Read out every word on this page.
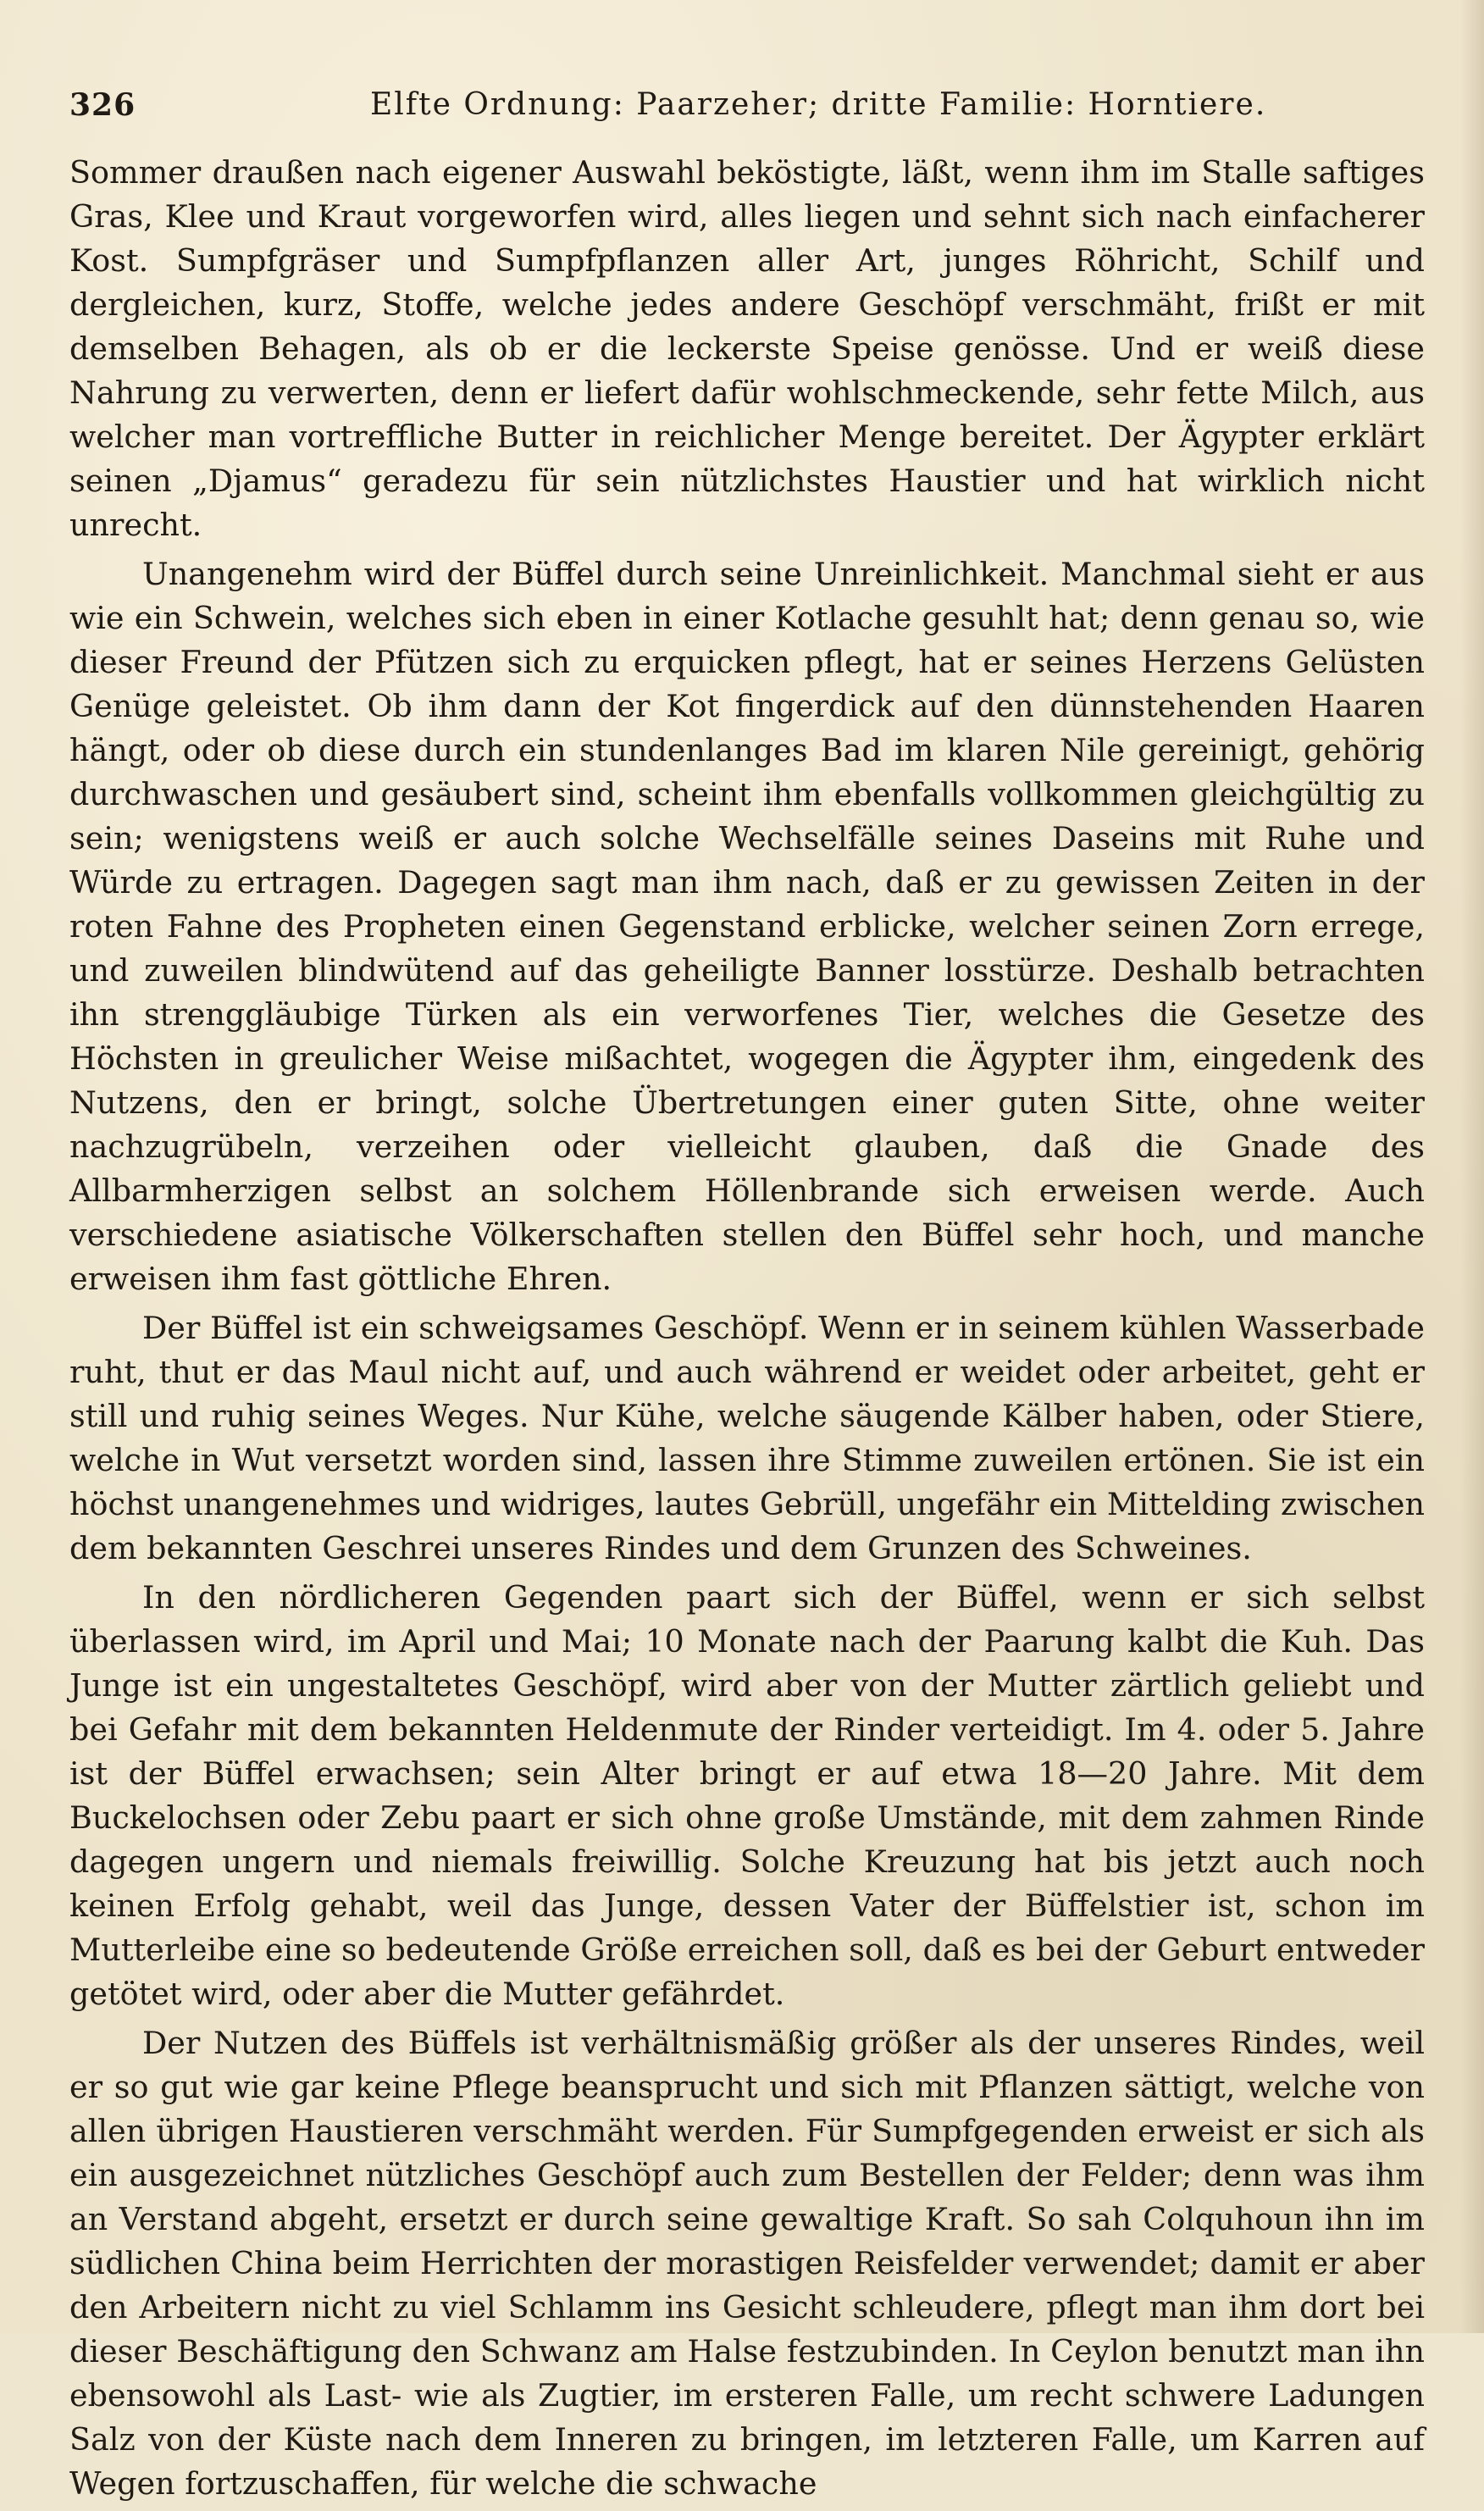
326	Elfte Ordnung: Paarzeher; dritte Familie: Horntiere.

Sommer draußen nach eigener Auswahl beköstigte, läßt, wenn ihm im Stalle saftiges Gras, Klee und Kraut vorgeworfen wird, alles liegen und sehnt sich nach einfacherer Kost. Sumpfgräser und Sumpfpflanzen aller Art, junges Röhricht, Schilf und dergleichen, kurz, Stoffe, welche jedes andere Geschöpf verschmäht, frißt er mit demselben Behagen, als ob er die leckerste Speise genösse. Und er weiß diese Nahrung zu verwerten, denn er liefert dafür wohlschmeckende, sehr fette Milch, aus welcher man vortreffliche Butter in reichlicher Menge bereitet. Der Ägypter erklärt seinen „Djamus“ geradezu für sein nützlichstes Haustier und hat wirklich nicht unrecht.

Unangenehm wird der Büffel durch seine Unreinlichkeit. Manchmal sieht er aus wie ein Schwein, welches sich eben in einer Kotlache gesuhlt hat; denn genau so, wie dieser Freund der Pfützen sich zu erquicken pflegt, hat er seines Herzens Gelüsten Genüge geleistet. Ob ihm dann der Kot fingerdick auf den dünnstehenden Haaren hängt, oder ob diese durch ein stundenlanges Bad im klaren Nile gereinigt, gehörig durchwaschen und gesäubert sind, scheint ihm ebenfalls vollkommen gleichgültig zu sein; wenigstens weiß er auch solche Wechselfälle seines Daseins mit Ruhe und Würde zu ertragen. Dagegen sagt man ihm nach, daß er zu gewissen Zeiten in der roten Fahne des Propheten einen Gegenstand erblicke, welcher seinen Zorn errege, und zuweilen blindwütend auf das geheiligte Banner losstürze. Deshalb betrachten ihn strenggläubige Türken als ein verworfenes Tier, welches die Gesetze des Höchsten in greulicher Weise mißachtet, wogegen die Ägypter ihm, eingedenk des Nutzens, den er bringt, solche Übertretungen einer guten Sitte, ohne weiter nachzugrübeln, verzeihen oder vielleicht glauben, daß die Gnade des Allbarmherzigen selbst an solchem Höllenbrande sich erweisen werde. Auch verschiedene asiatische Völkerschaften stellen den Büffel sehr hoch, und manche erweisen ihm fast göttliche Ehren.

Der Büffel ist ein schweigsames Geschöpf. Wenn er in seinem kühlen Wasserbade ruht, thut er das Maul nicht auf, und auch während er weidet oder arbeitet, geht er still und ruhig seines Weges. Nur Kühe, welche säugende Kälber haben, oder Stiere, welche in Wut versetzt worden sind, lassen ihre Stimme zuweilen ertönen. Sie ist ein höchst unangenehmes und widriges, lautes Gebrüll, ungefähr ein Mittelding zwischen dem bekannten Geschrei unseres Rindes und dem Grunzen des Schweines.

In den nördlicheren Gegenden paart sich der Büffel, wenn er sich selbst überlassen wird, im April und Mai; 10 Monate nach der Paarung kalbt die Kuh. Das Junge ist ein ungestaltetes Geschöpf, wird aber von der Mutter zärtlich geliebt und bei Gefahr mit dem bekannten Heldenmute der Rinder verteidigt. Im 4. oder 5. Jahre ist der Büffel erwachsen; sein Alter bringt er auf etwa 18—20 Jahre. Mit dem Buckelochsen oder Zebu paart er sich ohne große Umstände, mit dem zahmen Rinde dagegen ungern und niemals freiwillig. Solche Kreuzung hat bis jetzt auch noch keinen Erfolg gehabt, weil das Junge, dessen Vater der Büffelstier ist, schon im Mutterleibe eine so bedeutende Größe erreichen soll, daß es bei der Geburt entweder getötet wird, oder aber die Mutter gefährdet.

Der Nutzen des Büffels ist verhältnismäßig größer als der unseres Rindes, weil er so gut wie gar keine Pflege beansprucht und sich mit Pflanzen sättigt, welche von allen übrigen Haustieren verschmäht werden. Für Sumpfgegenden erweist er sich als ein ausgezeichnet nützliches Geschöpf auch zum Bestellen der Felder; denn was ihm an Verstand abgeht, ersetzt er durch seine gewaltige Kraft. So sah Colquhoun ihn im südlichen China beim Herrichten der morastigen Reisfelder verwendet; damit er aber den Arbeitern nicht zu viel Schlamm ins Gesicht schleudere, pflegt man ihm dort bei dieser Beschäftigung den Schwanz am Halse festzubinden. In Ceylon benutzt man ihn ebensowohl als Last- wie als Zugtier, im ersteren Falle, um recht schwere Ladungen Salz von der Küste nach dem Inneren zu bringen, im letzteren Falle, um Karren auf Wegen fortzuschaffen, für welche die schwache
